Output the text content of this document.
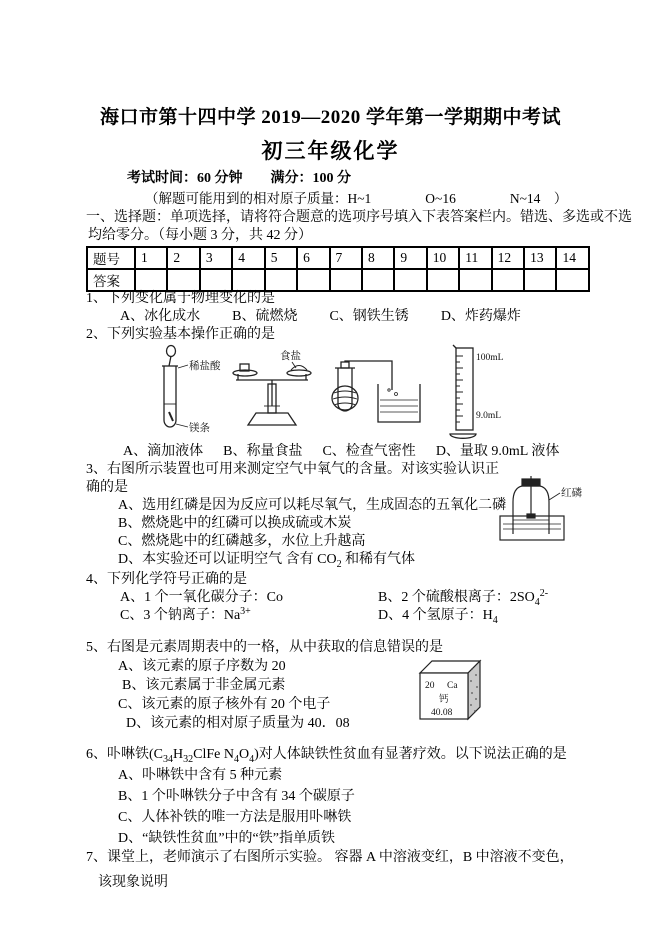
海口市第十四中学 2019—2020 学年第一学期期中考试
初三年级化学
考试时间：60 分钟 满分：100 分
（解题可能用到的相对原子质量：H~1　　　　O~16　　　　N~14　）
一、选择题：单项选择，请将符合题意的选项序号填入下表答案栏内。错选、多选或不选
均给零分。（每小题 3 分，共 42 分）
题号	1	2	3	4	5	6	7	8	9	10	11	12	13	14
答案														
1、下列变化属于物理变化的是
A、冰化成水 B、硫燃烧 C、钢铁生锈 D、炸药爆炸
2、下列实验基本操作正确的是
稀盐酸
镁条
食盐	100mL
9.0mL
A、滴加液体 B、称量食盐 C、检查气密性 D、量取 9.0mL 液体
3、右图所示装置也可用来测定空气中氧气的含量。对该实验认识正
确的是
A、选用红磷是因为反应可以耗尽氧气，生成固态的五氧化二磷
B、燃烧匙中的红磷可以换成硫或木炭
C、燃烧匙中的红磷越多，水位上升越高
D、本实验还可以证明空气 含有 $CO_2$ 和稀有气体
红磷
4、下列化学符号正确的是
A、1 个一氧化碳分子：Co	B、2 个硫酸根离子：$2SO_4^{2-}$
C、3 个钠离子：$Na^{3+}$	D、4 个氢原子：$H_4$
5、右图是元素周期表中的一格，从中获取的信息错误的是
A、该元素的原子序数为 20
B、该元素属于非金属元素
C、该元素的原子核外有 20 个电子
D、该元素的相对原子质量为 40．08
20 Ca
钙
40.08
6、卟啉铁($C_{34}H_{32}ClFe$ $N_4O_4$)对人体缺铁性贫血有显著疗效。以下说法正确的是
A、卟啉铁中含有 5 种元素
B、1 个卟啉铁分子中含有 34 个碳原子
C、人体补铁的唯一方法是服用卟啉铁
D、“缺铁性贫血”中的“铁”指单质铁
7、课堂上，老师演示了右图所示实验。 容器 A 中溶液变红，B 中溶液不变色，
该现象说明
